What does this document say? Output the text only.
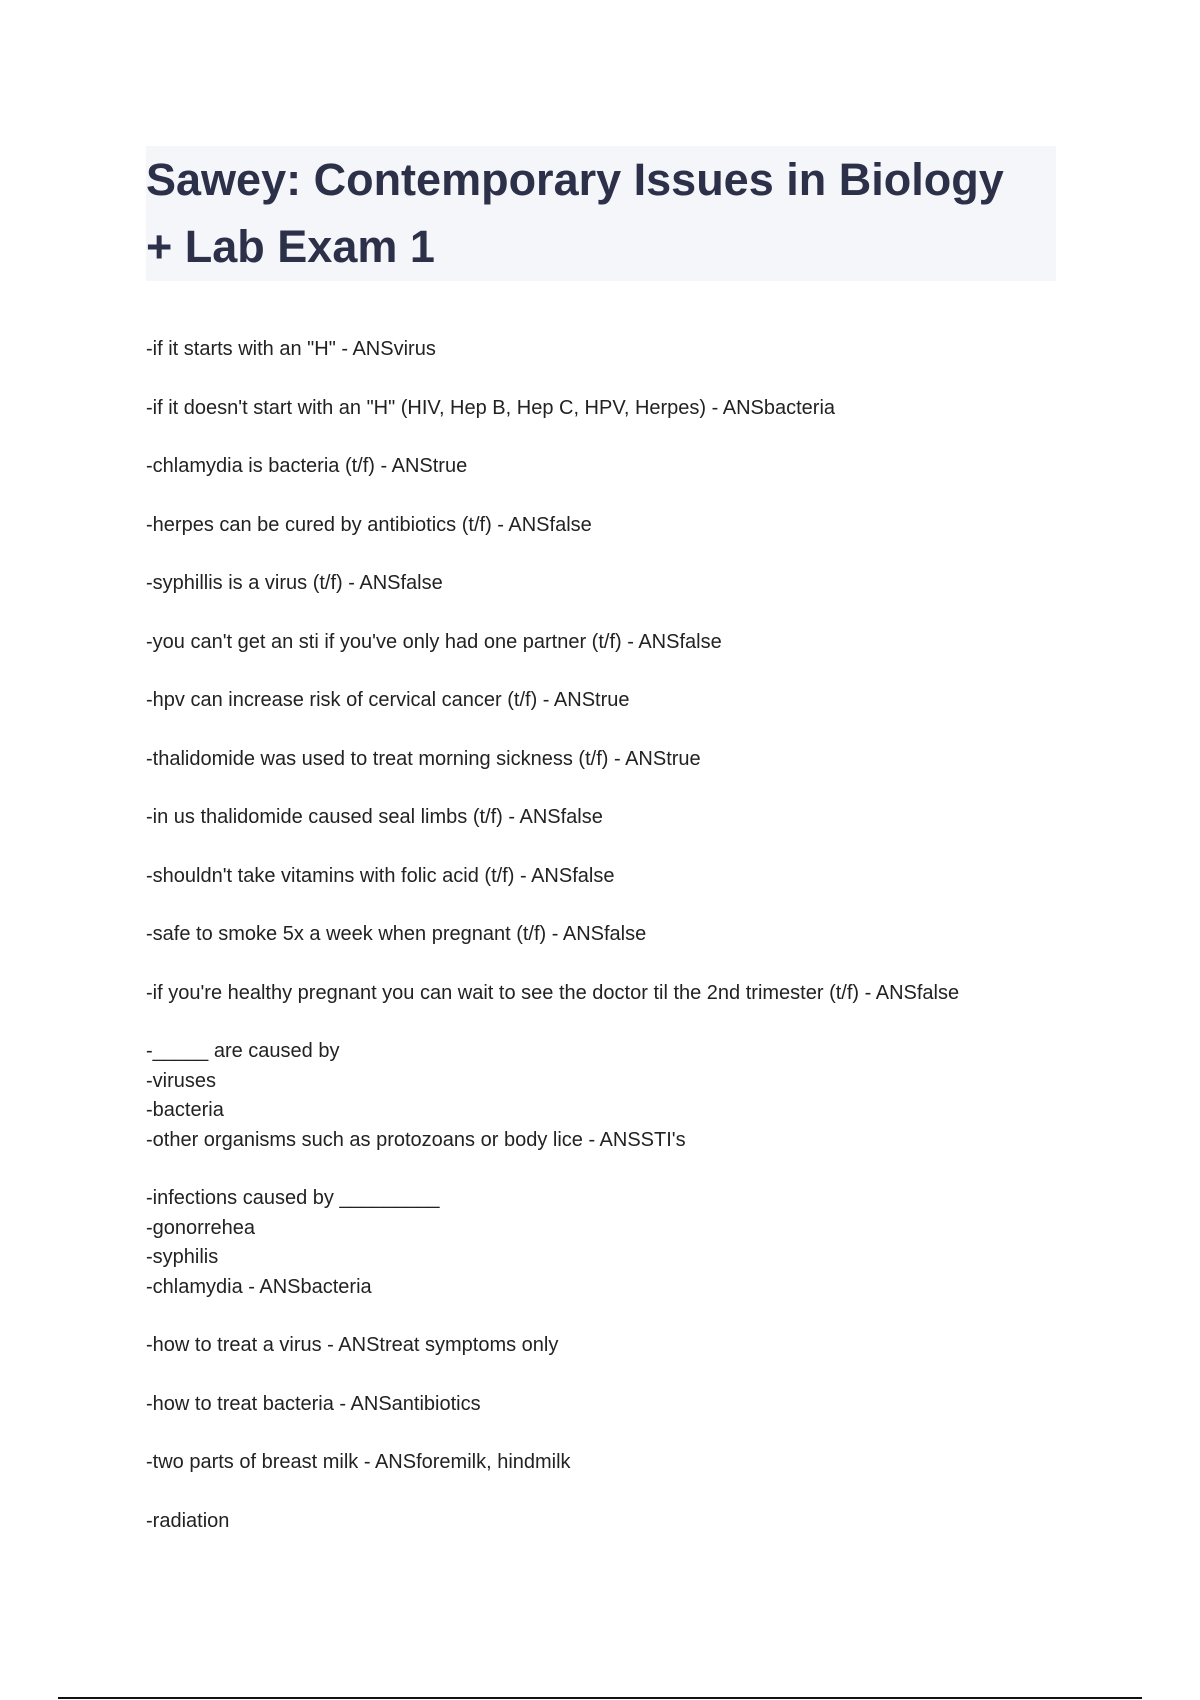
Sawey: Contemporary Issues in Biology
+ Lab Exam 1
-if it starts with an "H" - ANSvirus
-if it doesn't start with an "H" (HIV, Hep B, Hep C, HPV, Herpes) - ANSbacteria
-chlamydia is bacteria (t/f) - ANStrue
-herpes can be cured by antibiotics (t/f) - ANSfalse
-syphillis is a virus (t/f) - ANSfalse
-you can't get an sti if you've only had one partner (t/f) - ANSfalse
-hpv can increase risk of cervical cancer (t/f) - ANStrue
-thalidomide was used to treat morning sickness (t/f) - ANStrue
-in us thalidomide caused seal limbs (t/f) - ANSfalse
-shouldn't take vitamins with folic acid (t/f) - ANSfalse
-safe to smoke 5x a week when pregnant (t/f) - ANSfalse
-if you're healthy pregnant you can wait to see the doctor til the 2nd trimester (t/f) - ANSfalse
-_____ are caused by
-viruses
-bacteria
-other organisms such as protozoans or body lice - ANSSTI's
-infections caused by _________
-gonorrehea
-syphilis
-chlamydia - ANSbacteria
-how to treat a virus - ANStreat symptoms only
-how to treat bacteria - ANSantibiotics
-two parts of breast milk - ANSforemilk, hindmilk
-radiation
